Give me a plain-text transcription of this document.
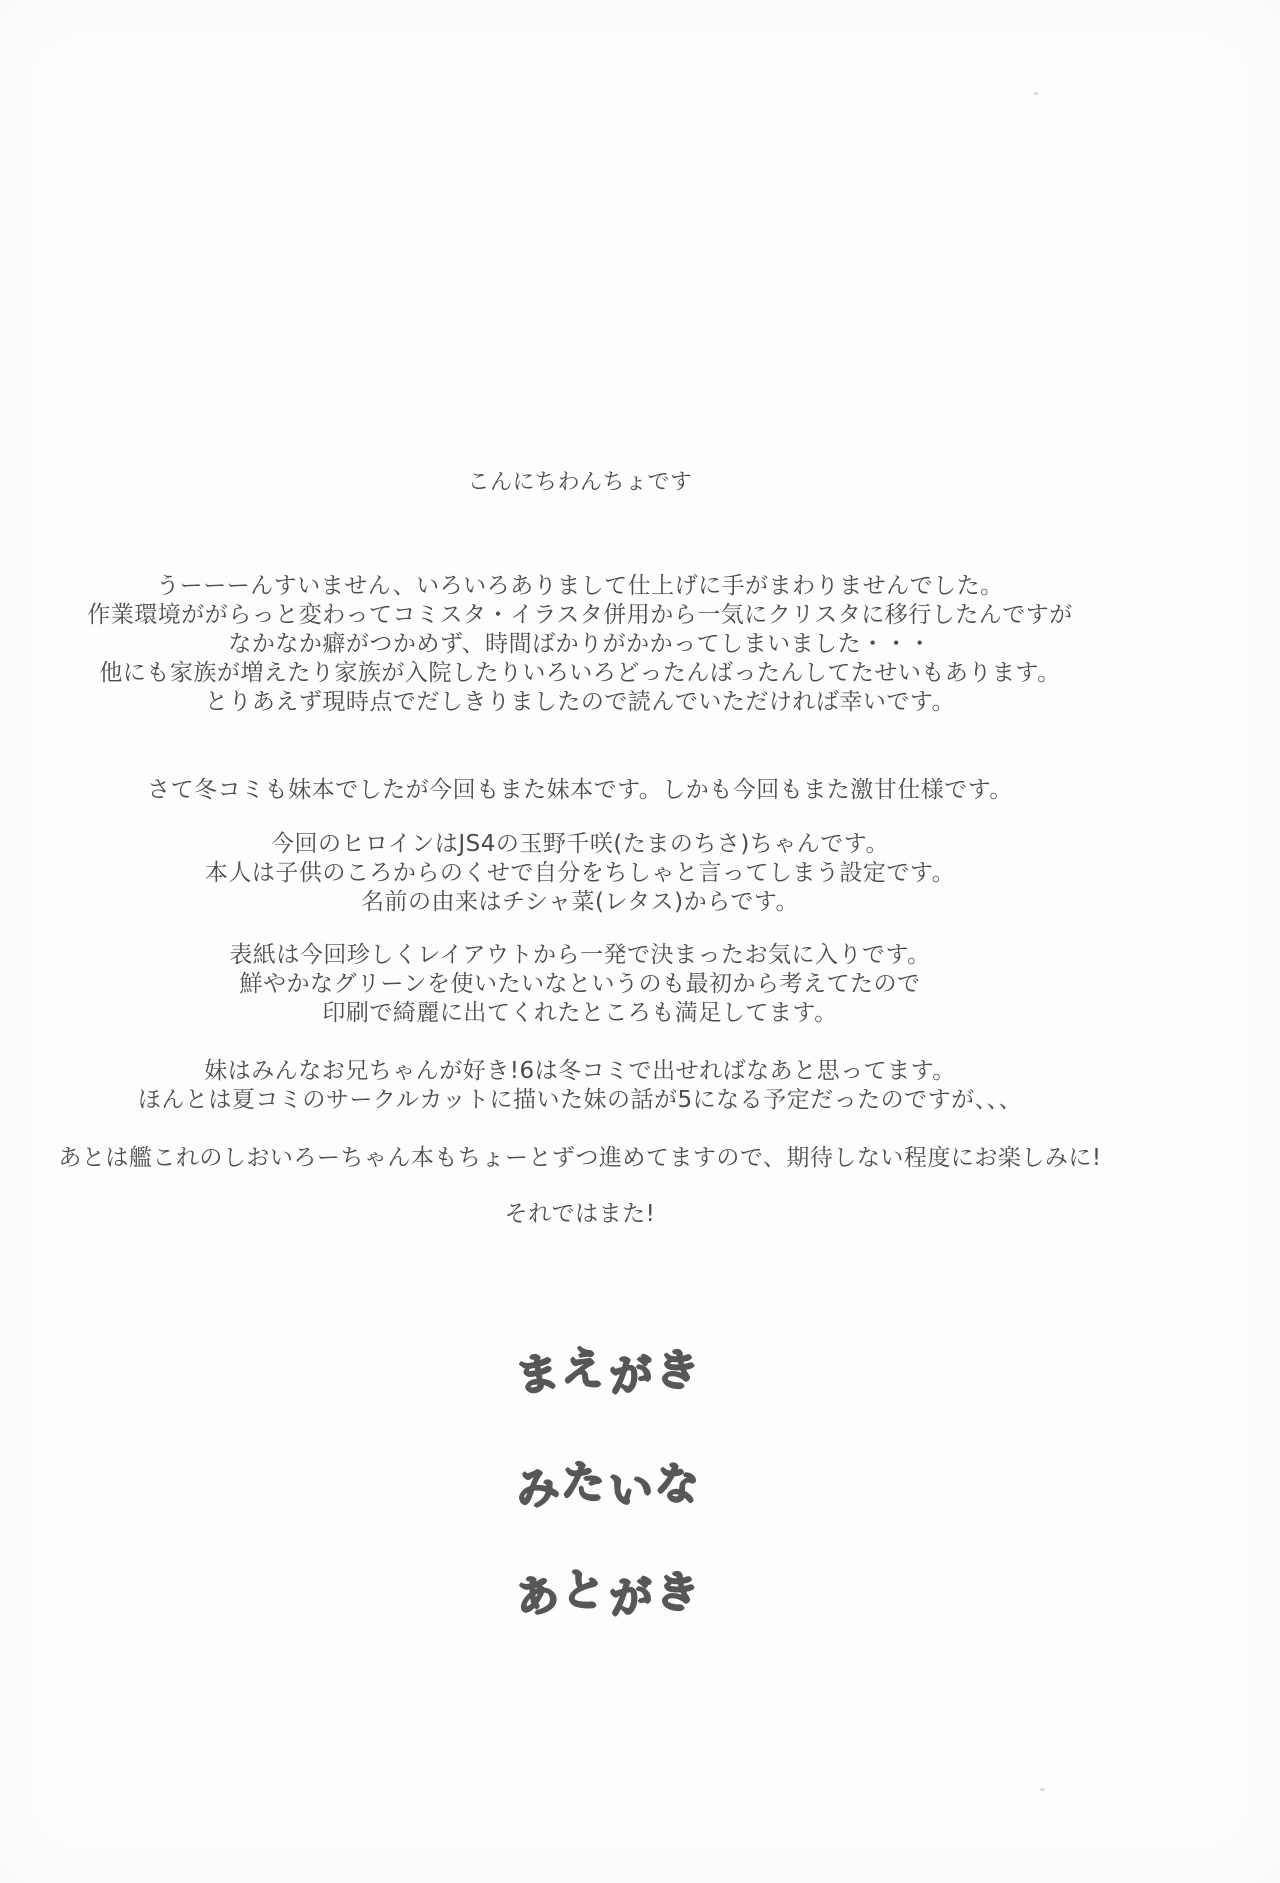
こんにちわんちょです
うーーーんすいません、いろいろありまして仕上げに手がまわりませんでした。
作業環境ががらっと変わってコミスタ・イラスタ併用から一気にクリスタに移行したんですが
なかなか癖がつかめず、時間ばかりがかかってしまいました・・・
他にも家族が増えたり家族が入院したりいろいろどったんばったんしてたせいもあります。
とりあえず現時点でだしきりましたので読んでいただければ幸いです。
さて冬コミも妹本でしたが今回もまた妹本です。しかも今回もまた激甘仕様です。
今回のヒロインはJS4の玉野千咲(たまのちさ)ちゃんです。
本人は子供のころからのくせで自分をちしゃと言ってしまう設定です。
名前の由来はチシャ菜(レタス)からです。
表紙は今回珍しくレイアウトから一発で決まったお気に入りです。
鮮やかなグリーンを使いたいなというのも最初から考えてたので
印刷で綺麗に出てくれたところも満足してます。
妹はみんなお兄ちゃんが好き!6は冬コミで出せればなあと思ってます。
ほんとは夏コミのサークルカットに描いた妹の話が5になる予定だったのですが、、、
あとは艦これのしおいろーちゃん本もちょーとずつ進めてますので、期待しない程度にお楽しみに!
それではまた!
まえがき
みたいな
あとがき
